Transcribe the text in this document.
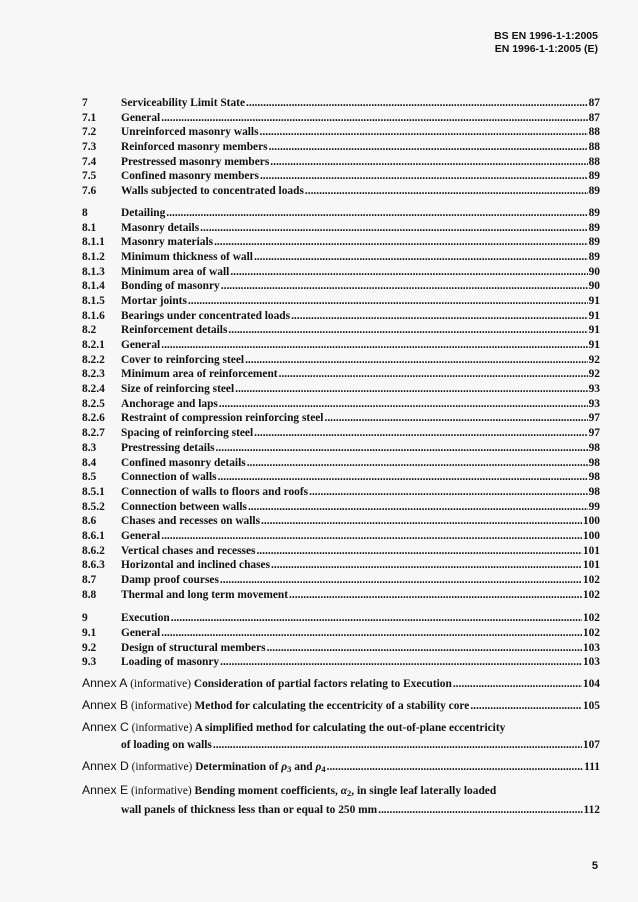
BS EN 1996-1-1:2005
EN 1996-1-1:2005 (E)
7	Serviceability Limit State .....	87
7.1	General .....	87
7.2	Unreinforced masonry walls .....	88
7.3	Reinforced masonry members .....	88
7.4	Prestressed masonry members .....	88
7.5	Confined masonry members .....	89
7.6	Walls subjected to concentrated loads .....	89
8	Detailing .....	89
8.1	Masonry details .....	89
8.1.1	Masonry materials .....	89
8.1.2	Minimum thickness of wall .....	89
8.1.3	Minimum area of wall .....	90
8.1.4	Bonding of masonry .....	90
8.1.5	Mortar joints .....	91
8.1.6	Bearings under concentrated loads .....	91
8.2	Reinforcement details .....	91
8.2.1	General .....	91
8.2.2	Cover to reinforcing steel .....	92
8.2.3	Minimum area of reinforcement .....	92
8.2.4	Size of reinforcing steel .....	93
8.2.5	Anchorage and laps .....	93
8.2.6	Restraint of compression reinforcing steel .....	97
8.2.7	Spacing of reinforcing steel .....	97
8.3	Prestressing details .....	98
8.4	Confined masonry details .....	98
8.5	Connection of walls .....	98
8.5.1	Connection of walls to floors and roofs .....	98
8.5.2	Connection between walls .....	99
8.6	Chases and recesses on walls .....	100
8.6.1	General .....	100
8.6.2	Vertical chases and recesses .....	101
8.6.3	Horizontal and inclined chases .....	101
8.7	Damp proof courses .....	102
8.8	Thermal and long term movement .....	102
9	Execution .....	102
9.1	General .....	102
9.2	Design of structural members .....	103
9.3	Loading of masonry .....	103
Annex A (informative) Consideration of partial factors relating to Execution .....	104
Annex B (informative) Method for calculating the eccentricity of a stability core .....	105
Annex C (informative) A simplified method for calculating the out-of-plane eccentricity
of loading on walls .....	107
Annex D (informative) Determination of $\rho_3$ and $\rho_4$ .....	111
Annex E (informative) Bending moment coefficients, $\alpha_2$, in single leaf laterally loaded
wall panels of thickness less than or equal to 250 mm .....	112
5
